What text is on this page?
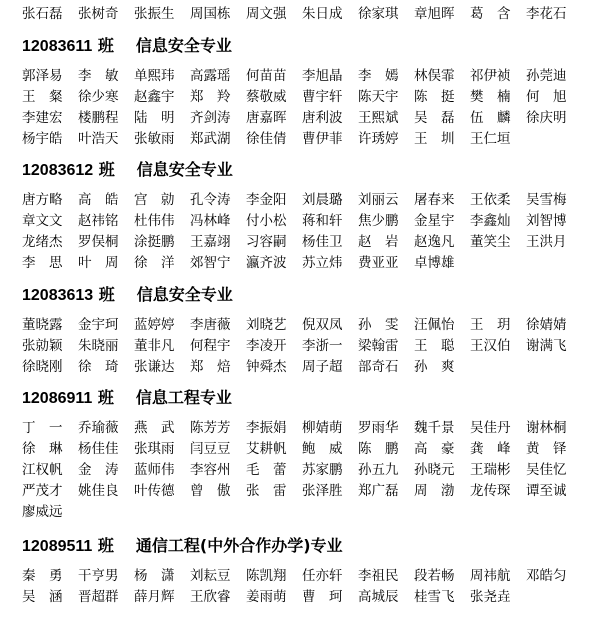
张石磊	张树奇	张振生	周国栋	周文强	朱日成	徐家琪	章旭晖	葛　含	李花石
12083611 班 信息安全专业
郭泽易	李　敏	单熙玮	高露瑶	何苗苗	李旭晶	李　嫣	林俣霏	祁伊祯	孙莞迪
王　粲	徐少寒	赵鑫宇	郑　羚	蔡敬威	曹宇轩	陈天宇	陈　挺	樊　楠	何　旭
李建宏	楼鹏程	陆　明	齐剑涛	唐嘉晖	唐利波	王熙斌	吴　磊	伍　麟	徐庆明
杨宇皓	叶浩天	张敏雨	郑武湖	徐佳倩	曹伊菲	许琇婷	王　圳	王仁垣
12083612 班 信息安全专业
唐方略	高　皓	宫　勍	孔令涛	李金阳	刘晨璐	刘丽云	屠春来	王依柔	吴雪梅
章文文	赵祎铭	杜伟伟	冯林峰	付小松	蒋和轩	焦少鹏	金星宇	李鑫灿	刘智博
龙绪杰	罗俣桐	涂挺鹏	王嘉翊	习容嗣	杨佳卫	赵　岩	赵逸凡	董笑尘	王洪月
李　思	叶　周	徐　洋	郊智宁	瀛齐波	苏立炜	费亚亚	卓博雄
12083613 班 信息安全专业
董晓露	金宇珂	蓝婷婷	李唐薇	刘晓艺	倪双凤	孙　雯	汪佩怡	王　玥	徐婧婧
张勍颖	朱晓丽	董非凡	何程宇	李凌开	李浙一	梁翰雷	王　聪	王汉伯	谢满飞
徐晓刚	徐　琦	张谦达	郑　焙	钟舜杰	周子超	部奇石	孙　爽
12086911 班 信息工程专业
丁　一	乔瑜薇	燕　武	陈芳芳	李振娟	柳婧萌	罗雨华	魏千景	吴佳丹	谢林桐
徐　琳	杨佳佳	张琪雨	闫豆豆	艾耕帆	鲍　威	陈　鹏	高　豪	龚　峰	黄　铎
江权帆	金　涛	蓝师伟	李容州	毛　蕾	苏家鹏	孙五九	孙晓元	王瑞彬	吴佳忆
严茂才	姚佳良	叶传德	曾　傲	张　雷	张泽胜	郑广磊	周　渤	龙传琛	谭至诚
廖威远
12089511 班 通信工程(中外合作办学)专业
秦　勇	干亨男	杨　潇	刘耘豆	陈凯翔	任亦轩	李祖民	段若畅	周祎航	邓皓匀
吴　涵	晋超群	薛月辉	王欣睿	姜雨萌	曹　珂	高城辰	桂雪飞	张尧垚
